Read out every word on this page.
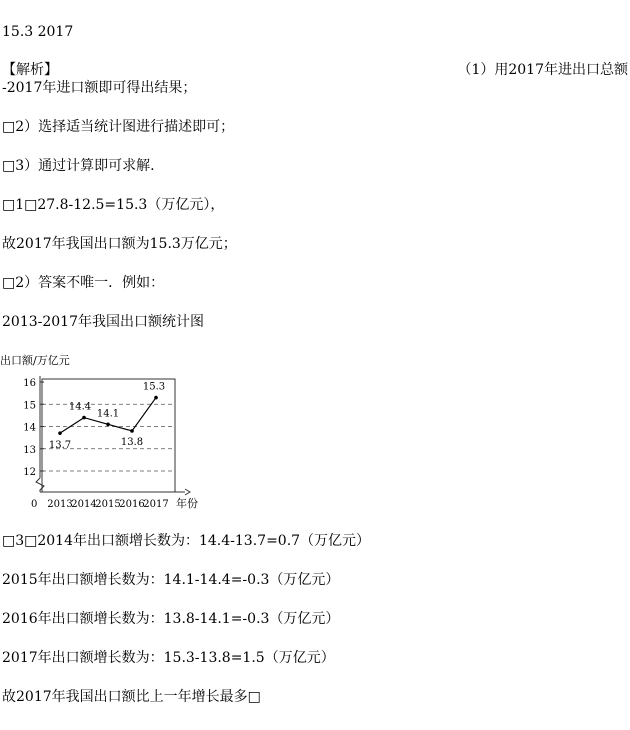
15.3 2017
【解析】	（1）用2017年进出口总额
-2017年进口额即可得出结果；
□2）选择适当统计图进行描述即可；
□3）通过计算即可求解.
□1□27.8-12.5=15.3（万亿元），
故2017年我国出口额为15.3万亿元；
□2）答案不唯一．例如：
2013-2017年我国出口额统计图
12
13
14
15
16
0
出口额/万亿元
年份
2013
2014
2015
2016
2017
13.7
14.4
14.1
13.8
15.3
□3□2014年出口额增长数为：14.4-13.7=0.7（万亿元）
2015年出口额增长数为：14.1-14.4=-0.3（万亿元）
2016年出口额增长数为：13.8-14.1=-0.3（万亿元）
2017年出口额增长数为：15.3-13.8=1.5（万亿元）
故2017年我国出口额比上一年增长最多□
